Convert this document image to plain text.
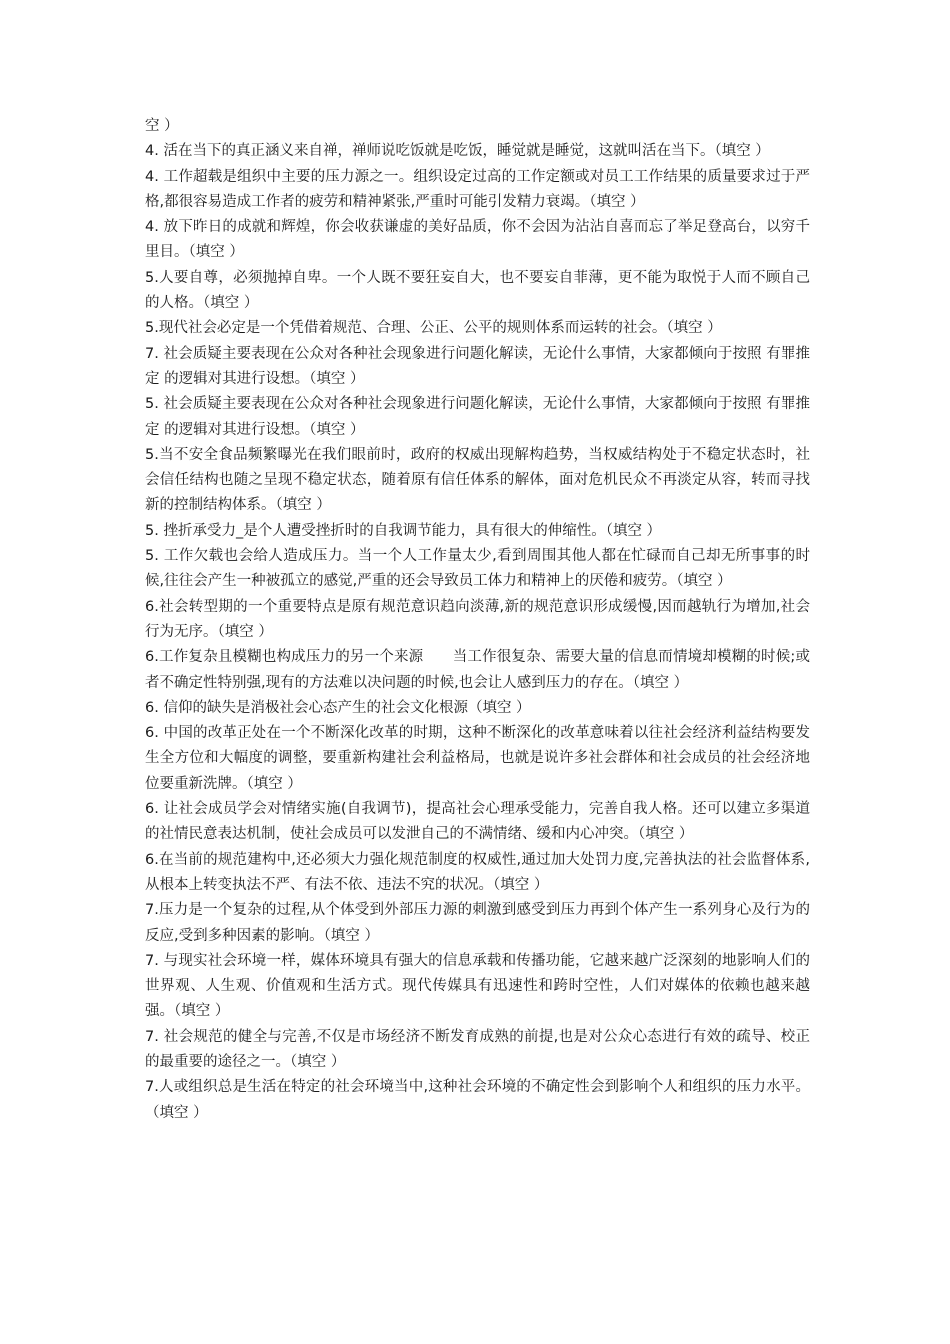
空 ）

4. 活在当下的真正涵义来自禅，禅师说吃饭就是吃饭，睡觉就是睡觉，这就叫活在当下。（填空 ）

4. 工作超载是组织中主要的压力源之一。组织设定过高的工作定额或对员工工作结果的质量要求过于严格,都很容易造成工作者的疲劳和精神紧张,严重时可能引发精力衰竭。（填空 ）

4. 放下昨日的成就和辉煌，你会收获谦虚的美好品质，你不会因为沾沾自喜而忘了举足登高台，以穷千里目。（填空 ）

5.人要自尊，必须抛掉自卑。一个人既不要狂妄自大，也不要妄自菲薄，更不能为取悦于人而不顾自己的人格。（填空 ）

5.现代社会必定是一个凭借着规范、合理、公正、公平的规则体系而运转的社会。（填空 ）

7. 社会质疑主要表现在公众对各种社会现象进行问题化解读，无论什么事情，大家都倾向于按照 有罪推定 的逻辑对其进行设想。（填空 ）

5. 社会质疑主要表现在公众对各种社会现象进行问题化解读，无论什么事情，大家都倾向于按照 有罪推定 的逻辑对其进行设想。（填空 ）

5.当不安全食品频繁曝光在我们眼前时，政府的权威出现解构趋势，当权威结构处于不稳定状态时，社会信任结构也随之呈现不稳定状态，随着原有信任体系的解体，面对危机民众不再淡定从容，转而寻找新的控制结构体系。（填空 ）

5. 挫折承受力_是个人遭受挫折时的自我调节能力，具有很大的伸缩性。（填空 ）

5. 工作欠载也会给人造成压力。当一个人工作量太少,看到周围其他人都在忙碌而自己却无所事事的时候,往往会产生一种被孤立的感觉,严重的还会导致员工体力和精神上的厌倦和疲劳。（填空 ）

6.社会转型期的一个重要特点是原有规范意识趋向淡薄,新的规范意识形成缓慢,因而越轨行为增加,社会行为无序。（填空 ）

6.工作复杂且模糊也构成压力的另一个来源　　当工作很复杂、需要大量的信息而情境却模糊的时候;或者不确定性特别强,现有的方法难以决问题的时候,也会让人感到压力的存在。（填空 ）

6. 信仰的缺失是消极社会心态产生的社会文化根源（填空 ）

6. 中国的改革正处在一个不断深化改革的时期，这种不断深化的改革意味着以往社会经济利益结构要发生全方位和大幅度的调整，要重新构建社会利益格局，也就是说许多社会群体和社会成员的社会经济地位要重新洗牌。（填空 ）

6. 让社会成员学会对情绪实施(自我调节)，提高社会心理承受能力，完善自我人格。还可以建立多渠道的社情民意表达机制，使社会成员可以发泄自己的不满情绪、缓和内心冲突。（填空 ）

6.在当前的规范建构中,还必须大力强化规范制度的权威性,通过加大处罚力度,完善执法的社会监督体系,从根本上转变执法不严、有法不依、违法不究的状况。（填空 ）

7.压力是一个复杂的过程,从个体受到外部压力源的刺激到感受到压力再到个体产生一系列身心及行为的反应,受到多种因素的影响。（填空 ）

7. 与现实社会环境一样，媒体环境具有强大的信息承载和传播功能，它越来越广泛深刻的地影响人们的世界观、人生观、价值观和生活方式。现代传媒具有迅速性和跨时空性，人们对媒体的依赖也越来越强。（填空 ）

7. 社会规范的健全与完善,不仅是市场经济不断发育成熟的前提,也是对公众心态进行有效的疏导、校正的最重要的途径之一。（填空 ）

7.人或组织总是生活在特定的社会环境当中,这种社会环境的不确定性会到影响个人和组织的压力水平。（填空 ）
